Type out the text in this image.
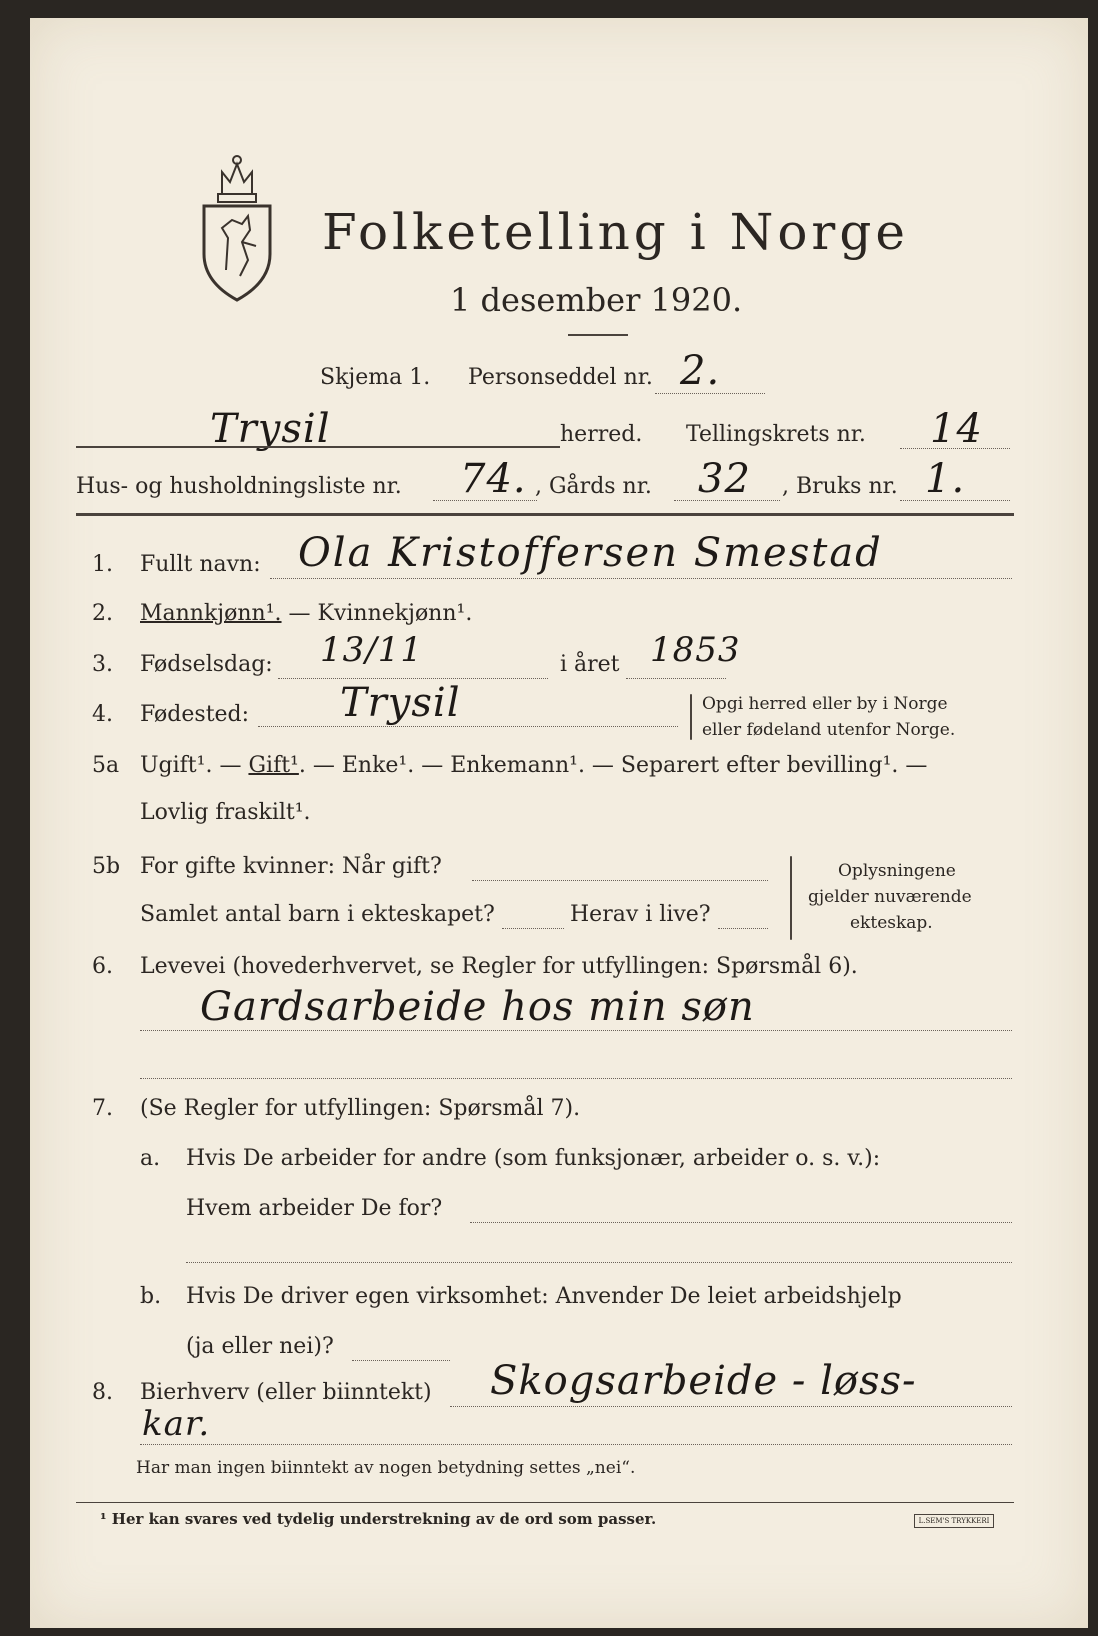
Folketelling i Norge
1 desember 1920.
Skjema 1. Personseddel nr. 2.
Trysil	herred. Tellingskrets nr. 14
Hus- og husholdningsliste nr. 74. , Gårds nr. 32 , Bruks nr. 1.
1. Fullt navn: Ola Kristoffersen Smestad
2. Mannkjønn¹. — Kvinnekjønn¹.
3. Fødselsdag: 13/11	i året 1853
4. Fødested: Trysil	Opgi herred eller by i Norge
eller fødeland utenfor Norge.
5a Ugift¹. — Gift¹. — Enke¹. — Enkemann¹. — Separert efter bevilling¹. —
Lovlig fraskilt¹.
5b For gifte kvinner: Når gift?
Samlet antal barn i ekteskapet?	Herav i live?
Oplysningene
gjelder nuværende
ekteskap.
6. Levevei (hovederhvervet, se Regler for utfyllingen: Spørsmål 6).
Gardsarbeide hos min søn
7. (Se Regler for utfyllingen: Spørsmål 7).
a. Hvis De arbeider for andre (som funksjonær, arbeider o. s. v.):
Hvem arbeider De for?
b. Hvis De driver egen virksomhet: Anvender De leiet arbeidshjelp
(ja eller nei)?
8. Bierhverv (eller biinntekt) Skogsarbeide - løss-
kar.
Har man ingen biinntekt av nogen betydning settes „nei“.
¹ Her kan svares ved tydelig understrekning av de ord som passer.	L.SEM'S TRYKKERI
